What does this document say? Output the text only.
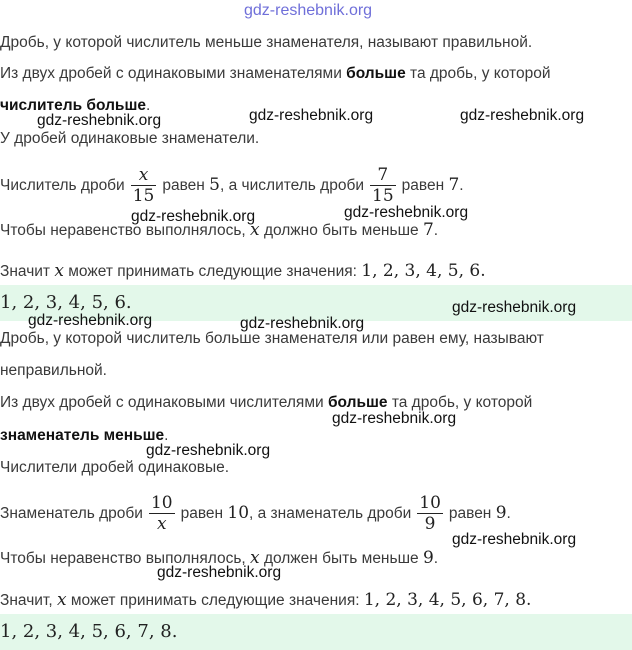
gdz-reshebnik.org
Дробь, у которой числитель меньше знаменателя, называют правильной.
Из двух дробей с одинаковыми знаменателями больше та дробь, у которой
числитель больше.
gdz-reshebnik.org	gdz-reshebnik.org	gdz-reshebnik.org
У дробей одинаковые знаменатели.
Числитель дроби $\frac{x}{15}$ равен 5, а числитель дроби $\frac{7}{15}$ равен 7.
gdz-reshebnik.org	gdz-reshebnik.org
Чтобы неравенство выполнялось, x должно быть меньше 7.
Значит x может принимать следующие значения: 1, 2, 3, 4, 5, 6.
1, 2, 3, 4, 5, 6.	gdz-reshebnik.org
gdz-reshebnik.org	gdz-reshebnik.org
Дробь, у которой числитель больше знаменателя или равен ему, называют
неправильной.
Из двух дробей с одинаковыми числителями больше та дробь, у которой
знаменатель меньше.
gdz-reshebnik.org
gdz-reshebnik.org
Числители дробей одинаковые.
Знаменатель дроби $\frac{10}{x}$ равен 10, а знаменатель дроби $\frac{10}{9}$ равен 9.
gdz-reshebnik.org
Чтобы неравенство выполнялось, x должен быть меньше 9.
gdz-reshebnik.org
Значит, x может принимать следующие значения: 1, 2, 3, 4, 5, 6, 7, 8.
1, 2, 3, 4, 5, 6, 7, 8.
